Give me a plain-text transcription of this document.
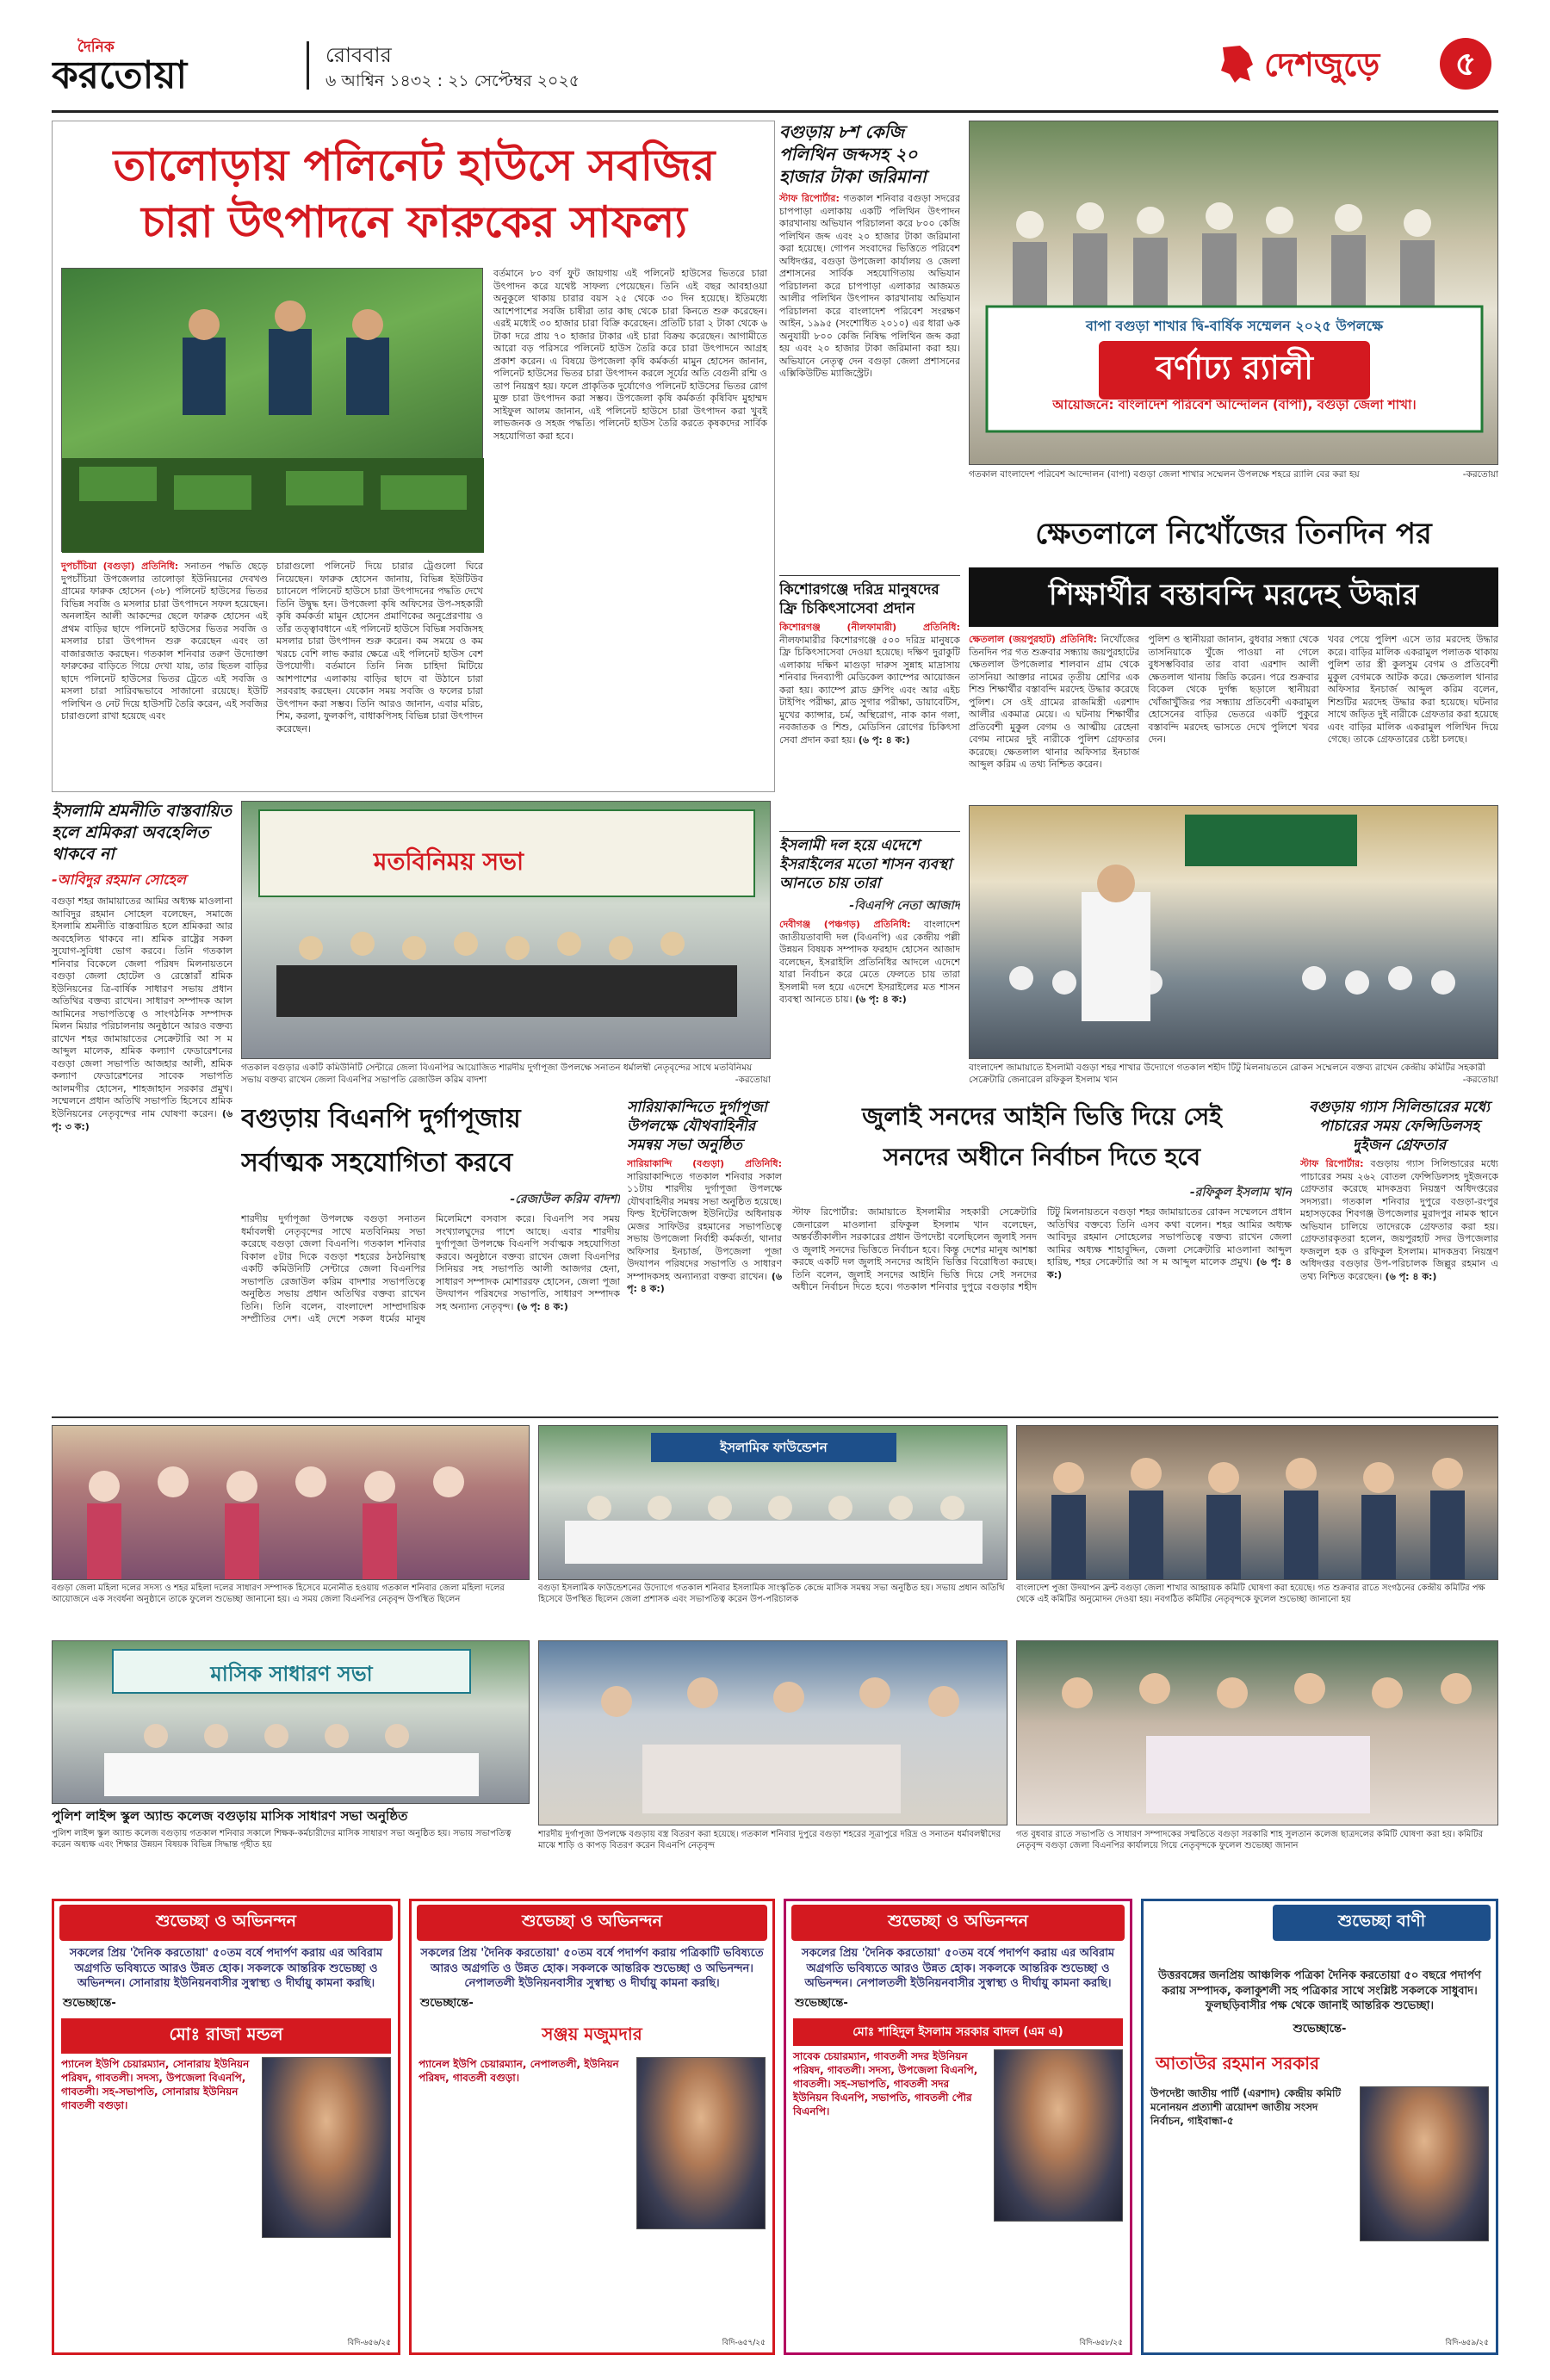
দৈনিক
করতোয়া	রোববার
৬ আশ্বিন ১৪৩২ : ২১ সেপ্টেম্বর ২০২৫	দেশজুড়ে	৫
তালোড়ায় পলিনেট হাউসে সবজির
চারা উৎপাদনে ফারুকের সাফল্য
বর্তমানে ৮০ বর্গ ফুট জায়গায় এই পলিনেট হাউসের ভিতরে চারা উৎপাদন করে যথেষ্ট সাফল্য পেয়েছেন। তিনি এই বছর আবহাওয়া অনুকূলে থাকায় চারার বয়স ২৫ থেকে ৩০ দিন হয়েছে। ইতিমধ্যে আশেপাশের সবজি চাষীরা তার কাছ থেকে চারা কিনতে শুরু করেছেন। এরই মধ্যেই ৩০ হাজার চারা বিক্রি করেছেন। প্রতিটি চারা ২ টাকা থেকে ৬ টাকা দরে প্রায় ৭০ হাজার টাকার এই চারা বিক্রয় করেছেন। আগামীতে আরো বড় পরিসরে পলিনেট হাউস তৈরি করে চারা উৎপাদনে আগ্রহ প্রকাশ করেন। এ বিষয়ে উপজেলা কৃষি কর্মকর্তা মামুন হোসেন জানান, পলিনেট হাউসের ভিতর চারা উৎপাদন করলে সূর্যের অতি বেগুনী রশ্মি ও তাপ নিয়ন্ত্রণ হয়। ফলে প্রাকৃতিক দুর্যোগেও পলিনেট হাউসের ভিতর রোগ মুক্ত চারা উৎপাদন করা সম্ভব। উপজেলা কৃষি কর্মকর্তা কৃষিবিদ মুহাম্মদ সাইফুল আলম জানান, এই পলিনেট হাউসে চারা উৎপাদন করা খুবই লাভজনক ও সহজ পদ্ধতি। পলিনেট হাউস তৈরি করতে কৃষকদের সার্বিক সহযোগিতা করা হবে।
দুপচাঁচিয়া (বগুড়া) প্রতিনিধি: সনাতন পদ্ধতি ছেড়ে দুপচাঁচিয়া উপজেলার তালোড়া ইউনিয়নের দেবখণ্ড গ্রামের ফারুক হোসেন (৩৮) পলিনেট হাউসের ভিতর বিভিন্ন সবজি ও মসলার চারা উৎপাদনে সফল হয়েছেন। অনলাইন আলী আকন্দের ছেলে ফারুক হোসেন এই প্রথম বাড়ির ছাদে পলিনেট হাউসের ভিতর সবজি ও মসলার চারা উৎপাদন শুরু করেছেন এবং তা বাজারজাত করছেন। গতকাল শনিবার তরুণ উদ্যোক্তা ফারুকের বাড়িতে গিয়ে দেখা যায়, তার ছিতল বাড়ির ছাদে পলিনেট হাউসের ভিতর ট্রেতে এই সবজি ও মসলা চারা সারিবদ্ধভাবে সাজানো রয়েছে। ইউটি পলিথিন ও নেট দিয়ে হাউসটি তৈরি করেন, এই সবজির চারাগুলো রাখা হয়েছে এবং
চারাগুলো পলিনেট দিয়ে চারার ট্রেগুলো ঘিরে নিয়েছেন। ফারুক হোসেন জানায়, বিভিন্ন ইউটিউব চ্যানেলে পলিনেট হাউসে চারা উৎপাদনের পদ্ধতি দেখে তিনি উদ্বুদ্ধ হন। উপজেলা কৃষি অফিসের উপ-সহকারী কৃষি কর্মকর্তা মামুন হোসেন প্রমাণিকের অনুপ্রেরণায় ও তাঁর তত্ত্বাবধানে এই পলিনেট হাউসে বিভিন্ন সবজিসহ মসলার চারা উৎপাদন শুরু করেন। কম সময়ে ও কম খরচে বেশি লাভ করার ক্ষেত্রে এই পলিনেট হাউস বেশ উপযোগী। বর্তমানে তিনি নিজ চাহিদা মিটিয়ে আশপাশের এলাকায় বাড়ির ছাদে বা উঠানে চারা সরবরাহ করছেন। যেকোন সময় সবজি ও ফলের চারা উৎপাদন করা সম্ভব। তিনি আরও জানান, এবার মরিচ, শিম, করলা, ফুলকপি, বাধাকপিসহ বিভিন্ন চারা উৎপাদন করেছেন।
বগুড়ায় ৮শ কেজি পলিথিন জব্দসহ ২০ হাজার টাকা জরিমানা
স্টাফ রিপোর্টার: গতকাল শনিবার বগুড়া সদরের চাপপাড়া এলাকায় একটি পলিথিন উৎপাদন কারখানায় অভিযান পরিচালনা করে ৮০০ কেজি পলিথিন জব্দ এবং ২০ হাজার টাকা জরিমানা করা হয়েছে। গোপন সংবাদের ভিত্তিতে পরিবেশ অধিদপ্তর, বগুড়া উপজেলা কার্যালয় ও জেলা প্রশাসনের সার্বিক সহযোগিতায় অভিযান পরিচালনা করে চাপপাড়া এলাকার আজমত আলীর পলিথিন উৎপাদন কারখানায় অভিযান পরিচালনা করে বাংলাদেশ পরিবেশ সংরক্ষণ আইন, ১৯৯৫ (সংশোধিত ২০১০) এর ধারা ৬ক অনুযায়ী ৮০০ কেজি নিষিদ্ধ পলিথিন জব্দ করা হয় এবং ২০ হাজার টাকা জরিমানা করা হয়। অভিযানে নেতৃত্ব দেন বগুড়া জেলা প্রশাসনের এক্সিকিউটিভ ম্যাজিস্ট্রেট।
বাপা বগুড়া শাখার দ্বি-বার্ষিক সম্মেলন ২০২৫ উপলক্ষে
বর্ণাঢ্য র‍্যালী
আয়োজনে: বাংলাদেশ পরিবেশ আন্দোলন (বাপা), বগুড়া জেলা শাখা।
গতকাল বাংলাদেশ পরিবেশ আন্দোলন (বাপা) বগুড়া জেলা শাখার সম্মেলন উপলক্ষে শহরে র‍্যালি বের করা হয়	-করতোয়া
কিশোরগঞ্জে দরিদ্র মানুষদের ফ্রি চিকিৎসাসেবা প্রদান
কিশোরগঞ্জ (নীলফামারী) প্রতিনিধি: নীলফামারীর কিশোরগঞ্জে ৫০০ দরিদ্র মানুষকে ফ্রি চিকিৎসাসেবা দেওয়া হয়েছে। দক্ষিণ দুরাকুটি এলাকায় দক্ষিণ মাগুড়া দারুস সুন্নাহ মাদ্রাসায় শনিবার দিনব্যাপী মেডিকেল ক্যাম্পের আয়োজন করা হয়। ক্যাম্পে ব্লাড গ্রুপিং এবং আর এইচ টাইপিং পরীক্ষা, ব্লাড সুগার পরীক্ষা, ডায়াবেটিস, মুখের ক্যান্সার, চর্ম, অস্থিরোগ, নাক কান গলা, নবজাতক ও শিশু, মেডিসিন রোগের চিকিৎসা সেবা প্রদান করা হয়। (৬ পৃ: ৪ ক:)
ক্ষেতলালে নিখোঁজের তিনদিন পর
শিক্ষার্থীর বস্তাবন্দি মরদেহ উদ্ধার
ক্ষেতলাল (জয়পুরহাট) প্রতিনিধি: নিখোঁজের তিনদিন পর গত শুক্রবার সন্ধ্যায় জয়পুরহাটের ক্ষেতলাল উপজেলার শালবান গ্রাম থেকে তাসনিয়া আক্তার নামের তৃতীয় শ্রেণির এক শিশু শিক্ষার্থীর বস্তাবন্দি মরদেহ উদ্ধার করেছে পুলিশ। সে ওই গ্রামের রাজমিস্ত্রী এরশাদ আলীর একমাত্র মেয়ে। এ ঘটনায় শিক্ষার্থীর প্রতিবেশী মুকুল বেগম ও আত্মীয় রেহেনা বেগম নামের দুই নারীকে পুলিশ গ্রেফতার করেছে। ক্ষেতলাল থানার অফিসার ইনচার্জ আব্দুল করিম এ তথ্য নিশ্চিত করেন।
পুলিশ ও স্থানীয়রা জানান, বুধবার সন্ধ্যা থেকে তাসনিয়াকে খুঁজে পাওয়া না গেলে বুধসম্ভবিবার তার বাবা এরশাদ আলী ক্ষেতলাল থানায় জিডি করেন। পরে শুক্রবার বিকেল থেকে দুর্গন্ধ ছড়ালে স্থানীয়রা খোঁজাখুঁজির পর সন্ধ্যায় প্রতিবেশী একরামুল হোসেনের বাড়ির ভেতরে একটি পুকুরে বস্তাবন্দি মরদেহ ভাসতে দেখে পুলিশে খবর দেন।
খবর পেয়ে পুলিশ এসে তার মরদেহ উদ্ধার করে। বাড়ির মালিক একরামুল পলাতক থাকায় পুলিশ তার স্ত্রী কুলসুম বেগম ও প্রতিবেশী মুকুল বেগমকে আটক করে। ক্ষেতলাল থানার অফিসার ইনচার্জ আব্দুল করিম বলেন, শিশুটির মরদেহ উদ্ধার করা হয়েছে। ঘটনার সাথে জড়িত দুই নারীকে গ্রেফতার করা হয়েছে এবং বাড়ির মালিক একরামুল পলিথিন দিয়ে গেছে। তাকে গ্রেফতারের চেষ্টা চলছে।
ইসলামি শ্রমনীতি বাস্তবায়িত হলে শ্রমিকরা অবহেলিত থাকবে না
-আবিদুর রহমান সোহেল
বগুড়া শহর জামায়াতের আমির অধ্যক্ষ মাওলানা আবিদুর রহমান সোহেল বলেছেন, সমাজে ইসলামি শ্রমনীতি বাস্তবায়িত হলে শ্রমিকরা আর অবহেলিত থাকবে না। শ্রমিক রাষ্ট্রের সকল সুযোগ-সুবিধা ভোগ করবে। তিনি গতকাল শনিবার বিকেলে জেলা পরিষদ মিলনায়তনে বগুড়া জেলা হোটেল ও রেস্তোরাঁ শ্রমিক ইউনিয়নের ত্রি-বার্ষিক সাধারণ সভায় প্রধান অতিথির বক্তব্য রাখেন। সাধারণ সম্পাদক আল আমিনের সভাপতিত্বে ও সাংগঠনিক সম্পাদক মিলন মিয়ার পরিচালনায় অনুষ্ঠানে আরও বক্তব্য রাখেন শহর জামায়াতের সেক্রেটারি আ স ম আব্দুল মালেক, শ্রমিক কল্যাণ ফেডারেশনের বগুড়া জেলা সভাপতি আজহার আলী, শ্রমিক কল্যাণ ফেডারেশনের সাবেক সভাপতি আলমগীর হোসেন, শাহজাহান সরকার প্রমুখ। সম্মেলনে প্রধান অতিথি সভাপতি হিসেবে শ্রমিক ইউনিয়নের নেতৃবৃন্দের নাম ঘোষণা করেন। (৬ পৃ: ৩ ক:)
মতবিনিময় সভা
গতকাল বগুড়ার একটি কমিউনিটি সেন্টারে জেলা বিএনপির আয়োজিত শারদীয় দুর্গাপূজা উপলক্ষে সনাতন ধর্মালম্বী নেতৃবৃন্দের সাথে মতবিনিময় সভায় বক্তব্য রাখেন জেলা বিএনপির সভাপতি রেজাউল করিম বাদশা	-করতোয়া
ইসলামী দল হয়ে এদেশে ইসরাইলের মতো শাসন ব্যবস্থা আনতে চায় তারা
-বিএনপি নেতা আজাদ
দেবীগঞ্জ (পঞ্চগড়) প্রতিনিধি: বাংলাদেশ জাতীয়তাবাদী দল (বিএনপি) এর কেন্দ্রীয় পল্লী উন্নয়ন বিষয়ক সম্পাদক ফরহাদ হোসেন আজাদ বলেছেন, ইসরাইলি প্রতিনিধির আদলে এদেশে যারা নির্বাচন করে মেতে ফেলতে চায় তারা ইসলামী দল হয়ে এদেশে ইসরাইলের মত শাসন ব্যবস্থা আনতে চায়। (৬ পৃ: ৪ ক:)
বাংলাদেশ জামায়াতে ইসলামী বগুড়া শহর শাখার উদ্যোগে গতকাল শহীদ টিটু মিলনায়তনে রোকন সম্মেলনে বক্তব্য রাখেন কেন্দ্রীয় কমিটির সহকারী সেক্রেটারি জেনারেল রফিকুল ইসলাম খান	-করতোয়া
বগুড়ায় বিএনপি দুর্গাপূজায়
সর্বাত্মক সহযোগিতা করবে
-রেজাউল করিম বাদশা
শারদীয় দুর্গাপূজা উপলক্ষে বগুড়া সনাতন ধর্মাবলম্বী নেতৃবৃন্দের সাথে মতবিনিময় সভা করেছে বগুড়া জেলা বিএনপি। গতকাল শনিবার বিকাল ৫টার দিকে বগুড়া শহরের ঠনঠনিয়াস্থ একটি কমিউনিটি সেন্টারে জেলা বিএনপির সভাপতি রেজাউল করিম বাদশার সভাপতিত্বে অনুষ্ঠিত সভায় প্রধান অতিথির বক্তব্য রাখেন তিনি। তিনি বলেন, বাংলাদেশ সাম্প্রদায়িক সম্প্রীতির দেশ। এই দেশে সকল ধর্মের মানুষ মিলেমিশে বসবাস করে। বিএনপি সব সময় সংখ্যালঘুদের পাশে আছে। এবার শারদীয় দুর্গাপূজা উপলক্ষে বিএনপি সর্বাত্মক সহযোগিতা করবে। অনুষ্ঠানে বক্তব্য রাখেন জেলা বিএনপির সিনিয়র সহ সভাপতি আলী আজগর হেনা, সাধারণ সম্পাদক মোশাররফ হোসেন, জেলা পূজা উদযাপন পরিষদের সভাপতি, সাধারণ সম্পাদক সহ অন্যান্য নেতৃবৃন্দ। (৬ পৃ: ৪ ক:)
সারিয়াকান্দিতে দুর্গাপূজা উপলক্ষে যৌথবাহিনীর সমন্বয় সভা অনুষ্ঠিত
সারিয়াকান্দি (বগুড়া) প্রতিনিধি: সারিয়াকান্দিতে গতকাল শনিবার সকাল ১১টায় শারদীয় দুর্গাপূজা উপলক্ষে যৌথবাহিনীর সমন্বয় সভা অনুষ্ঠিত হয়েছে। ফিল্ড ইন্টেলিজেন্স ইউনিটের অধিনায়ক মেজর সাফিউর রহমানের সভাপতিত্বে সভায় উপজেলা নির্বাহী কর্মকর্তা, থানার অফিসার ইনচার্জ, উপজেলা পূজা উদযাপন পরিষদের সভাপতি ও সাধারণ সম্পাদকসহ অন্যান্যরা বক্তব্য রাখেন। (৬ পৃ: ৪ ক:)
জুলাই সনদের আইনি ভিত্তি দিয়ে সেই
সনদের অধীনে নির্বাচন দিতে হবে
-রফিকুল ইসলাম খান
স্টাফ রিপোর্টার: জামায়াতে ইসলামীর সহকারী সেক্রেটারি জেনারেল মাওলানা রফিকুল ইসলাম খান বলেছেন, অন্তর্বর্তীকালীন সরকারের প্রধান উপদেষ্টা বলেছিলেন জুলাই সনদ ও জুলাই সনদের ভিত্তিতে নির্বাচন হবে। কিন্তু দেশের মানুষ আশঙ্কা করছে একটি দল জুলাই সনদের আইনি ভিত্তির বিরোধিতা করছে। তিনি বলেন, জুলাই সনদের আইনি ভিত্তি দিয়ে সেই সনদের অধীনে নির্বাচন দিতে হবে। গতকাল শনিবার দুপুরে বগুড়ার শহীদ টিটু মিলনায়তনে বগুড়া শহর জামায়াতের রোকন সম্মেলনে প্রধান অতিথির বক্তব্যে তিনি এসব কথা বলেন। শহর আমির অধ্যক্ষ আবিদুর রহমান সোহেলের সভাপতিত্বে বক্তব্য রাখেন জেলা আমির অধ্যক্ষ শাহাবুদ্দিন, জেলা সেক্রেটারি মাওলানা আব্দুল হারিছ, শহর সেক্রেটারি আ স ম আব্দুল মালেক প্রমুখ। (৬ পৃ: ৪ ক:)
বগুড়ায় গ্যাস সিলিন্ডারের মধ্যে পাচারের সময় ফেন্সিডিলসহ দুইজন গ্রেফতার
স্টাফ রিপোর্টার: বগুড়ায় গ্যাস সিলিন্ডারের মধ্যে পাচারের সময় ২৬২ বোতল ফেন্সিডিলসহ দুইজনকে গ্রেফতার করেছে মাদকদ্রব্য নিয়ন্ত্রণ অধিদপ্তরের সদস্যরা। গতকাল শনিবার দুপুরে বগুড়া-রংপুর মহাসড়কের শিবগঞ্জ উপজেলার মুরাদপুর নামক স্থানে অভিযান চালিয়ে তাদেরকে গ্রেফতার করা হয়। গ্রেফতারকৃতরা হলেন, জয়পুরহাট সদর উপজেলার ফজলুল হক ও রফিকুল ইসলাম। মাদকদ্রব্য নিয়ন্ত্রণ অধিদপ্তর বগুড়ার উপ-পরিচালক জিল্লুর রহমান এ তথ্য নিশ্চিত করেছেন। (৬ পৃ: ৪ ক:)
বগুড়া জেলা মহিলা দলের সদস্য ও শহর মহিলা দলের সাধারণ সম্পাদক হিসেবে মনোনীত হওয়ায় গতকাল শনিবার জেলা মহিলা দলের আয়োজনে এক সংবর্ধনা অনুষ্ঠানে তাকে ফুলেল শুভেচ্ছা জানানো হয়। এ সময় জেলা বিএনপির নেতৃবৃন্দ উপস্থিত ছিলেন
ইসলামিক ফাউন্ডেশন
বগুড়া ইসলামিক ফাউন্ডেশনের উদ্যোগে গতকাল শনিবার ইসলামিক সাংস্কৃতিক কেন্দ্রে মাসিক সমন্বয় সভা অনুষ্ঠিত হয়। সভায় প্রধান অতিথি হিসেবে উপস্থিত ছিলেন জেলা প্রশাসক এবং সভাপতিত্ব করেন উপ-পরিচালক
বাংলাদেশ পুজা উদযাপন ফ্রন্ট বগুড়া জেলা শাখার আহ্বায়ক কমিটি ঘোষণা করা হয়েছে। গত শুক্রবার রাতে সংগঠনের কেন্দ্রীয় কমিটির পক্ষ থেকে এই কমিটির অনুমোদন দেওয়া হয়। নবগঠিত কমিটির নেতৃবৃন্দকে ফুলেল শুভেচ্ছা জানানো হয়
মাসিক সাধারণ সভা
পুলিশ লাইন্স স্কুল অ্যান্ড কলেজ বগুড়ায় মাসিক সাধারণ সভা অনুষ্ঠিত
পুলিশ লাইন্স স্কুল অ্যান্ড কলেজ বগুড়ায় গতকাল শনিবার সকালে শিক্ষক-কর্মচারীদের মাসিক সাধারণ সভা অনুষ্ঠিত হয়। সভায় সভাপতিত্ব করেন অধ্যক্ষ এবং শিক্ষার উন্নয়ন বিষয়ক বিভিন্ন সিদ্ধান্ত গৃহীত হয়
শারদীয় দুর্গাপূজা উপলক্ষে বগুড়ায় বস্ত্র বিতরণ করা হয়েছে। গতকাল শনিবার দুপুরে বগুড়া শহরের সূত্রাপুরে দরিদ্র ও সনাতন ধর্মাবলম্বীদের মাঝে শাড়ি ও কাপড় বিতরণ করেন বিএনপি নেতৃবৃন্দ
গত বুধবার রাতে সভাপতি ও সাধারণ সম্পাদকের সম্মতিতে বগুড়া সরকারি শাহ সুলতান কলেজ ছাত্রদলের কমিটি ঘোষণা করা হয়। কমিটির নেতৃবৃন্দ বগুড়া জেলা বিএনপির কার্যালয়ে গিয়ে নেতৃবৃন্দকে ফুলেল শুভেচ্ছা জানান
শুভেচ্ছা ও অভিনন্দন
সকলের প্রিয় 'দৈনিক করতোয়া' ৫০তম বর্ষে পদার্পণ করায় এর অবিরাম অগ্রগতি ভবিষ্যতে আরও উন্নত হোক। সকলকে আন্তরিক শুভেচ্ছা ও অভিনন্দন। সোনারায় ইউনিয়নবাসীর সুস্বাস্থ্য ও দীর্ঘায়ু কামনা করছি।
শুভেচ্ছান্তে-
মোঃ রাজা মন্ডল
প্যানেল ইউপি চেয়ারম্যান, সোনারায় ইউনিয়ন পরিষদ, গাবতলী। সদস্য, উপজেলা বিএনপি, গাবতলী। সহ-সভাপতি, সোনারায় ইউনিয়ন গাবতলী বগুড়া।
বিদি-৬৫৬/২৫
শুভেচ্ছা ও অভিনন্দন
সকলের প্রিয় 'দৈনিক করতোয়া' ৫০তম বর্ষে পদার্পণ করায় পত্রিকাটি ভবিষ্যতে আরও অগ্রগতি ও উন্নত হোক। সকলকে আন্তরিক শুভেচ্ছা ও অভিনন্দন। নেপালতলী ইউনিয়নবাসীর সুস্বাস্থ্য ও দীর্ঘায়ু কামনা করছি।
শুভেচ্ছান্তে-
সঞ্জয় মজুমদার
প্যানেল ইউপি চেয়ারম্যান, নেপালতলী, ইউনিয়ন পরিষদ, গাবতলী বগুড়া।
বিদি-৬৫৭/২৫
শুভেচ্ছা ও অভিনন্দন
সকলের প্রিয় 'দৈনিক করতোয়া' ৫০তম বর্ষে পদার্পণ করায় এর অবিরাম অগ্রগতি ভবিষ্যতে আরও উন্নত হোক। সকলকে আন্তরিক শুভেচ্ছা ও অভিনন্দন। নেপালতলী ইউনিয়নবাসীর সুস্বাস্থ্য ও দীর্ঘায়ু কামনা করছি।
শুভেচ্ছান্তে-
মোঃ শাহিদুল ইসলাম সরকার বাদল (এম এ)
সাবেক চেয়ারম্যান, গাবতলী সদর ইউনিয়ন পরিষদ, গাবতলী। সদস্য, উপজেলা বিএনপি, গাবতলী। সহ-সভাপতি, গাবতলী সদর ইউনিয়ন বিএনপি, সভাপতি, গাবতলী পৌর বিএনপি।
বিদি-৬৫৮/২৫
শুভেচ্ছা বাণী
উত্তরবঙ্গের জনপ্রিয় আঞ্চলিক পত্রিকা দৈনিক করতোয়া ৫০ বছরে পদার্পণ করায় সম্পাদক, কলাকুশলী সহ পত্রিকার সাথে সংশ্লিষ্ট সকলকে সাধুবাদ। ফুলছড়িবাসীর পক্ষ থেকে জানাই আন্তরিক শুভেচ্ছা।
শুভেচ্ছান্তে-
আতাউর রহমান সরকার
উপদেষ্টা জাতীয় পার্টি (এরশাদ) কেন্দ্রীয় কমিটি মনোনয়ন প্রত্যাশী ত্রয়োদশ জাতীয় সংসদ নির্বাচন, গাইবান্ধা-৫
বিদি-৬৫৯/২৫
